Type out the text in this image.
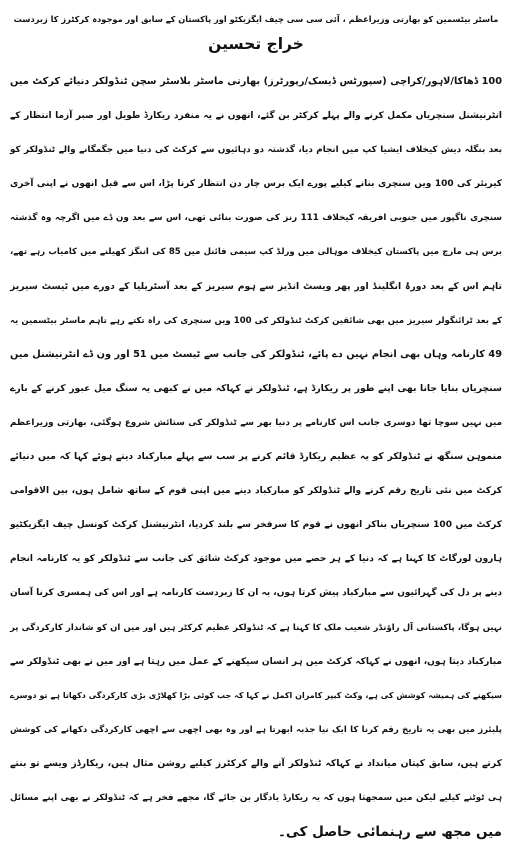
ماسٹر بیٹسمین کو بھارتی وزیراعظم ، آئی سی سی چیف ایگزیکٹو اور پاکستان کے سابق اور موجودہ کرکٹرز کا زبردست
خراج تحسین

100 ڈھاکا/لاہور/کراچی (سپورٹس ڈیسک/رپورٹرز) بھارتی ماسٹر بلاسٹر سچن ٹنڈولکر دنیائے کرکٹ میں

انٹرنیشنل سنچریاں مکمل کرنے والے پہلے کرکٹر بن گئے، انھوں نے یہ منفرد ریکارڈ طویل اور صبر آزما انتظار کے

بعد بنگلہ دیش کیخلاف ایشیا کپ میں انجام دیا، گذشتہ دو دہائیوں سے کرکٹ کی دنیا میں جگمگانے والے ٹنڈولکر کو

کیریئر کی 100 ویں سنچری بنانے کیلیے پورے ایک برس چار دن انتظار کرنا پڑا، اس سے قبل انھوں نے اپنی آخری

سنچری ناگپور میں جنوبی افریقہ کیخلاف 111 رنز کی صورت بنائی تھی، اس سے بعد ون ڈے میں اگرچہ وہ گذشتہ

برس ہی مارچ میں پاکستان کیخلاف موہالی میں ورلڈ کپ سیمی فائنل میں 85 کی اننگز کھیلنے میں کامیاب رہے تھے،

تاہم اس کے بعد دورۂ انگلینڈ اور پھر ویسٹ انڈیز سے ہوم سیریز کے بعد آسٹریلیا کے دورے میں ٹیسٹ سیریز

کے بعد ٹرائنگولر سیریز میں بھی شائقین کرکٹ ٹنڈولکر کی 100 ویں سنچری کی راہ تکتے رہے تاہم ماسٹر بیٹسمین یہ

49 کارنامہ وہاں بھی انجام نہیں دے پائے، ٹنڈولکر کی جانب سے ٹیسٹ میں 51 اور ون ڈے انٹرنیشنل میں

سنچریاں بنایا جانا بھی اپنے طور پر ریکارڈ ہے، ٹنڈولکر نے کہاکہ میں نے کبھی یہ سنگ میل عبور کرنے کے بارے

میں نہیں سوچا تھا دوسری جانب اس کارنامے پر دنیا بھر سے ٹنڈولکر کی ستائش شروع ہوگئی، بھارتی وزیراعظم

منموہن سنگھ نے ٹنڈولکر کو یہ عظیم ریکارڈ قائم کرنے پر سب سے پہلے مبارکباد دیتے ہوئے کہا کہ میں دنیائے

کرکٹ میں نئی تاریخ رقم کرنے والے ٹنڈولکر کو مبارکباد دینے میں اپنی قوم کے ساتھ شامل ہوں، بین الاقوامی

کرکٹ میں 100 سنچریاں بناکر انھوں نے قوم کا سرفخر سے بلند کردیا، انٹرنیشنل کرکٹ کونسل چیف ایگزیکٹیو

ہارون لورگاٹ کا کہنا ہے کہ دنیا کے ہر حصے میں موجود کرکٹ شائق کی جانب سے ٹنڈولکر کو یہ کارنامہ انجام

دینے پر دل کی گہرائیوں سے مبارکباد پیش کرتا ہوں، یہ ان کا زبردست کارنامہ ہے اور اس کی ہمسری کرنا آسان

نہیں ہوگا، پاکستانی آل راؤنڈر شعیب ملک کا کہنا ہے کہ ٹنڈولکر عظیم کرکٹر ہیں اور میں ان کو شاندار کارکردگی پر

مبارکباد دیتا ہوں، انھوں نے کہاکہ کرکٹ میں ہر انسان سیکھنے کے عمل میں رہتا ہے اور میں نے بھی ٹنڈولکر سے

سیکھنے کی ہمیشہ کوشش کی ہے، وکٹ کیپر کامران اکمل نے کہا کہ جب کوئی بڑا کھلاڑی بڑی کارکردگی دکھاتا ہے تو دوسرے

پلیئرز میں بھی یہ تاریخ رقم کرنا کا ایک نیا جذبہ ابھرتا ہے اور وہ بھی اچھی سے اچھی کارکردگی دکھانے کی کوشش

کرتے ہیں، سابق کپتان میانداد نے کہاکہ ٹنڈولکر آنے والے کرکٹرز کیلیے روشن مثال ہیں، ریکارڈز ویسے تو بنتے

ہی ٹوٹنے کیلیے لیکن میں سمجھتا ہوں کہ یہ ریکارڈ یادگار بن جائے گا، مجھے فخر ہے کہ ٹنڈولکر نے بھی اپنے مسائل

میں مجھ سے رہنمائی حاصل کی۔
